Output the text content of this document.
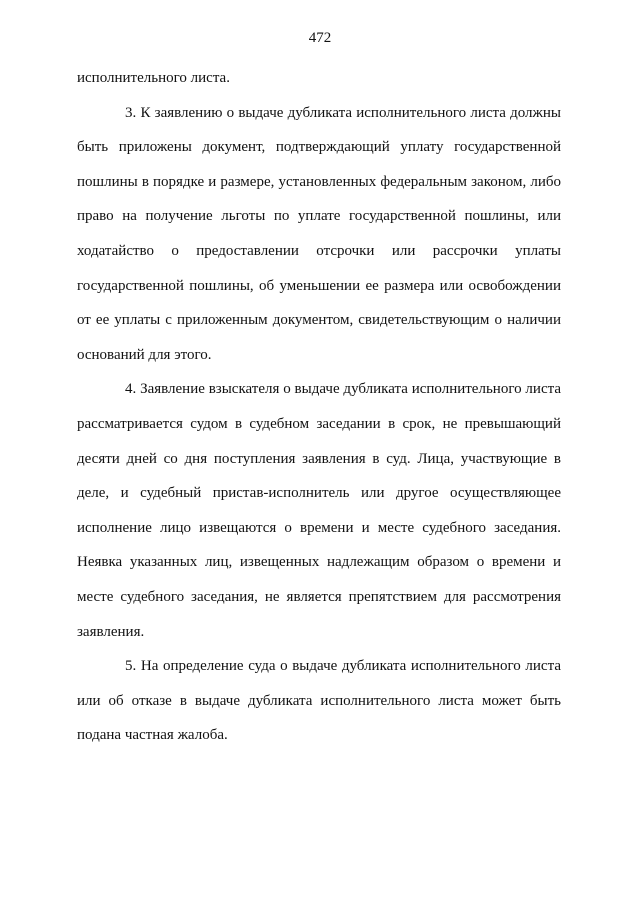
472
исполнительного листа.
3. К заявлению о выдаче дубликата исполнительного листа должны
быть приложены документ, подтверждающий уплату государственной
пошлины в порядке и размере, установленных федеральным законом, либо
право на получение льготы по уплате государственной пошлины, или
ходатайство о предоставлении отсрочки или рассрочки уплаты
государственной пошлины, об уменьшении ее размера или освобождении
от ее уплаты с приложенным документом, свидетельствующим о наличии
оснований для этого.
4. Заявление взыскателя о выдаче дубликата исполнительного листа
рассматривается судом в судебном заседании в срок, не превышающий
десяти дней со дня поступления заявления в суд. Лица, участвующие в
деле, и судебный пристав-исполнитель или другое осуществляющее
исполнение лицо извещаются о времени и месте судебного заседания.
Неявка указанных лиц, извещенных надлежащим образом о времени и
месте судебного заседания, не является препятствием для рассмотрения
заявления.
5. На определение суда о выдаче дубликата исполнительного листа
или об отказе в выдаче дубликата исполнительного листа может быть
подана частная жалоба.
